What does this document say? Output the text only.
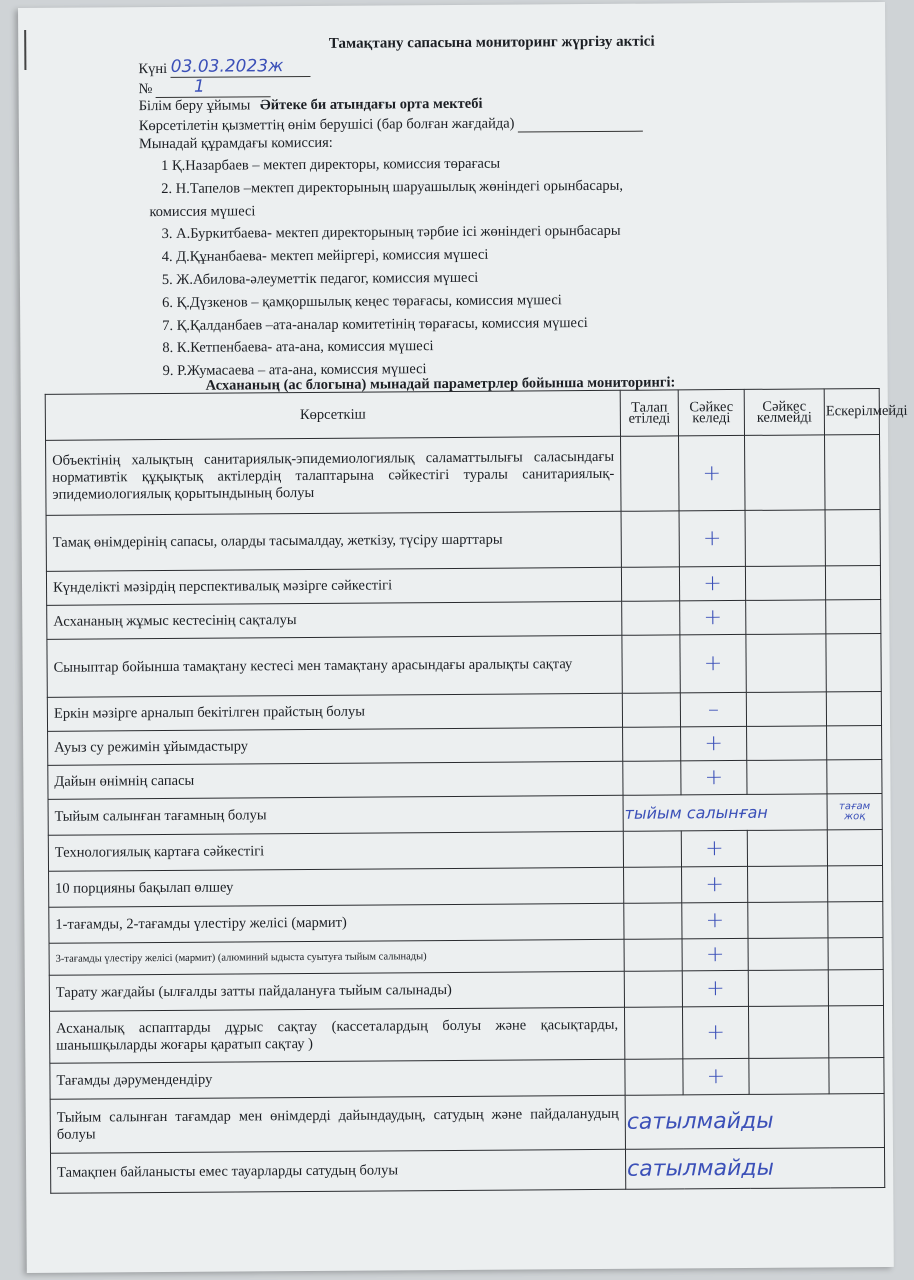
Тамақтану сапасына мониторинг жүргізу актісі
Күні 03.03.2023ж
№ 1
Білім беру ұйымы Әйтеке би атындағы орта мектебі
Көрсетілетін қызметтің өнім берушісі (бар болған жағдайда)
Мынадай құрамдағы комиссия:
1 Қ.Назарбаев – мектеп директоры, комиссия төрағасы
2. Н.Тапелов –мектеп директорының шаруашылық жөніндегі орынбасары,
комиссия мүшесі
3. А.Буркитбаева- мектеп директорының тәрбие ісі жөніндегі орынбасары
4. Д.Құнанбаева- мектеп мейіргері, комиссия мүшесі
5. Ж.Абилова-әлеуметтік педагог, комиссия мүшесі
6. Қ.Дүзкенов – қамқоршылық кеңес төрағасы, комиссия мүшесі
7. Қ.Қалданбаев –ата-аналар комитетінің төрағасы, комиссия мүшесі
8. К.Кетпенбаева- ата-ана, комиссия мүшесі
9. Р.Жумасаева – ата-ана, комиссия мүшесі
Асхананың (ас блогына) мынадай параметрлер бойынша мониторингі:
Көрсеткіш	Талап етіледі	Сәйкес келеді	Сәйкес келмейді	Ескерілмейді
Объектінің халықтың санитариялық-эпидемиологиялық саламаттылығы саласындағы нормативтік құқықтық актілердің талаптарына сәйкестігі туралы санитариялық-эпидемиологиялық қорытындының болуы		+		
Тамақ өнімдерінің сапасы, оларды тасымалдау, жеткізу, түсіру шарттары		+		
Күнделікті мәзірдің перспективалық мәзірге сәйкестігі		+		
Асхананың жұмыс кестесінің сақталуы		+		
Сыныптар бойынша тамақтану кестесі мен тамақтану арасындағы аралықты сақтау		+		
Еркін мәзірге арналып бекітілген прайстың болуы		–		
Ауыз су режимін ұйымдастыру		+		
Дайын өнімнің сапасы		+		
Тыйым салынған тағамның болуы	тыйым салынған			тағам жоқ
Технологиялық картаға сәйкестігі		+		
10 порцияны бақылап өлшеу		+		
1-тағамды, 2-тағамды үлестіру желісі (мармит)		+		
3-тағамды үлестіру желісі (мармит) (алюминий ыдыста суытуға тыйым салынады)		+		
Тарату жағдайы (ылғалды затты пайдалануға тыйым салынады)		+		
Асханалық аспаптарды дұрыс сақтау (кассеталардың болуы және қасықтарды, шанышқыларды жоғары қаратып сақтау )		+		
Тағамды дәрумендендіру		+		
Тыйым салынған тағамдар мен өнімдерді дайындаудың, сатудың және пайдаланудың болуы	сатылмайды			
Тамақпен байланысты емес тауарларды сатудың болуы	сатылмайды			
